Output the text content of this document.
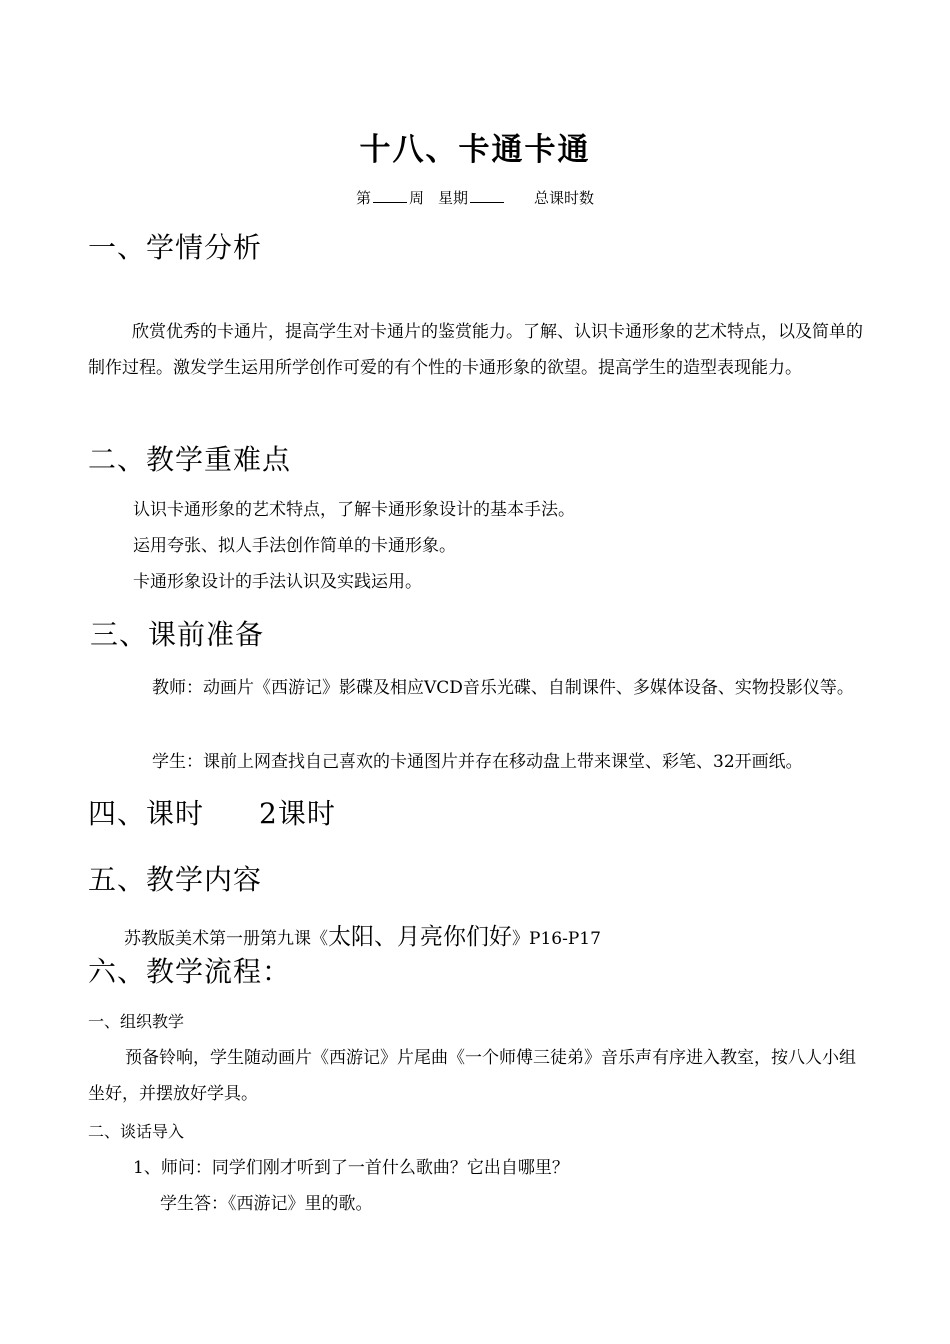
十八、卡通卡通
第	周 星期	总课时数
一、学情分析
欣赏优秀的卡通片，提高学生对卡通片的鉴赏能力。了解、认识卡通形象的艺术特点，以及简单的制作过程。激发学生运用所学创作可爱的有个性的卡通形象的欲望。提高学生的造型表现能力。
二、教学重难点
认识卡通形象的艺术特点，了解卡通形象设计的基本手法。
运用夸张、拟人手法创作简单的卡通形象。
卡通形象设计的手法认识及实践运用。
三、课前准备
教师：动画片《西游记》影碟及相应VCD音乐光碟、自制课件、多媒体设备、实物投影仪等。
学生：课前上网查找自己喜欢的卡通图片并存在移动盘上带来课堂、彩笔、32开画纸。
四、课时 2课时
五、教学内容
苏教版美术第一册第九课《太阳、月亮你们好》P16-P17
六、教学流程：
一、组织教学
预备铃响，学生随动画片《西游记》片尾曲《一个师傅三徒弟》音乐声有序进入教室，按八人小组坐好，并摆放好学具。
二、谈话导入
1、师问：同学们刚才听到了一首什么歌曲？它出自哪里？
学生答：《西游记》里的歌。
